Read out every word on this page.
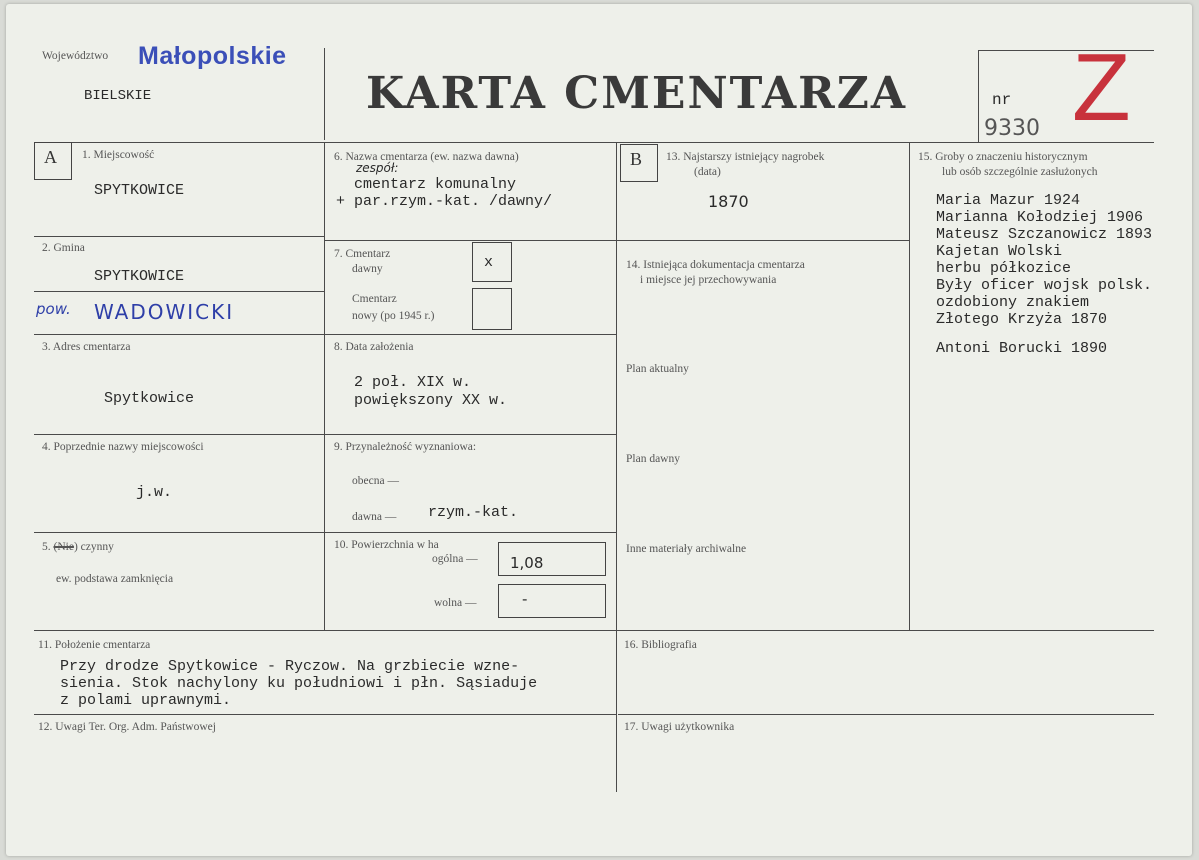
Województwo Małopolskie
BIELSKIE	KARTA CMENTARZA	nr
9330 Z
A 1. Miejscowość
SPYTKOWICE
2. Gmina
SPYTKOWICE
pow. WADOWICKI
3. Adres cmentarza
Spytkowice
4. Poprzednie nazwy miejscowości
j.w.
5. (Nie) czynny
ew. podstawa zamknięcia
6. Nazwa cmentarza (ew. nazwa dawna)
zespół:
cmentarz komunalny
+ par.rzym.-kat. /dawny/
7. Cmentarz
dawny	x
Cmentarz
nowy (po 1945 r.)
8. Data założenia
2 poł. XIX w.
powiększony XX w.
9. Przynależność wyznaniowa:
obecna —
dawna — rzym.-kat.
10. Powierzchnia w ha
ogólna — 1,08
wolna —	-
B 13. Najstarszy istniejący nagrobek
(data)
1870
14. Istniejąca dokumentacja cmentarza
i miejsce jej przechowywania
Plan aktualny
Plan dawny
Inne materiały archiwalne
15. Groby o znaczeniu historycznym
lub osób szczególnie zasłużonych
Maria Mazur 1924
Marianna Kołodziej 1906
Mateusz Szczanowicz 1893
Kajetan Wolski
herbu półkozice
Były oficer wojsk polsk.
ozdobiony znakiem
Złotego Krzyża 1870
Antoni Borucki 1890
11. Położenie cmentarza
Przy drodze Spytkowice - Ryczow. Na grzbiecie wzne-
sienia. Stok nachylony ku południowi i płn. Sąsiaduje
z polami uprawnymi.
12. Uwagi Ter. Org. Adm. Państwowej
16. Bibliografia
17. Uwagi użytkownika
